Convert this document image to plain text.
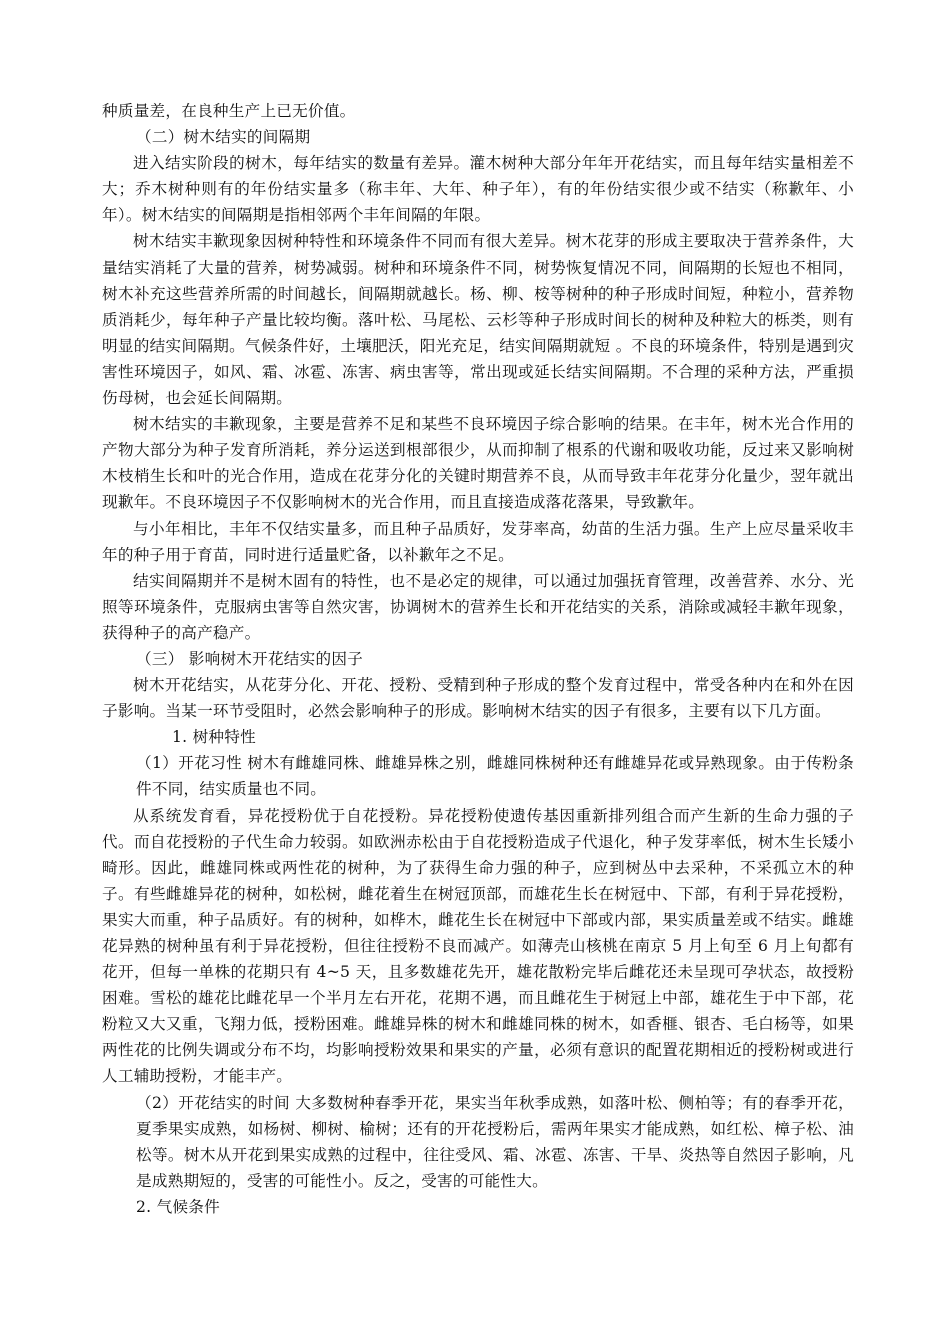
种质量差，在良种生产上已无价值。

（二）树木结实的间隔期

进入结实阶段的树木，每年结实的数量有差异。灌木树种大部分年年开花结实，而且每年结实量相差不大；乔木树种则有的年份结实量多（称丰年、大年、种子年），有的年份结实很少或不结实（称歉年、小年）。树木结实的间隔期是指相邻两个丰年间隔的年限。

树木结实丰歉现象因树种特性和环境条件不同而有很大差异。树木花芽的形成主要取决于营养条件，大量结实消耗了大量的营养，树势减弱。树种和环境条件不同，树势恢复情况不同，间隔期的长短也不相同，树木补充这些营养所需的时间越长，间隔期就越长。杨、柳、桉等树种的种子形成时间短，种粒小，营养物质消耗少，每年种子产量比较均衡。落叶松、马尾松、云杉等种子形成时间长的树种及种粒大的栎类，则有明显的结实间隔期。气候条件好，土壤肥沃，阳光充足，结实间隔期就短 。不良的环境条件，特别是遇到灾害性环境因子，如风、霜、冰雹、冻害、病虫害等，常出现或延长结实间隔期。不合理的采种方法，严重损伤母树，也会延长间隔期。

树木结实的丰歉现象，主要是营养不足和某些不良环境因子综合影响的结果。在丰年，树木光合作用的产物大部分为种子发育所消耗，养分运送到根部很少，从而抑制了根系的代谢和吸收功能，反过来又影响树木枝梢生长和叶的光合作用，造成在花芽分化的关键时期营养不良，从而导致丰年花芽分化量少，翌年就出现歉年。不良环境因子不仅影响树木的光合作用，而且直接造成落花落果，导致歉年。

与小年相比，丰年不仅结实量多，而且种子品质好，发芽率高，幼苗的生活力强。生产上应尽量采收丰年的种子用于育苗，同时进行适量贮备，以补歉年之不足。

结实间隔期并不是树木固有的特性，也不是必定的规律，可以通过加强抚育管理，改善营养、水分、光照等环境条件，克服病虫害等自然灾害，协调树木的营养生长和开花结实的关系，消除或减轻丰歉年现象，获得种子的高产稳产。

（三） 影响树木开花结实的因子

树木开花结实，从花芽分化、开花、授粉、受精到种子形成的整个发育过程中，常受各种内在和外在因子影响。当某一环节受阻时，必然会影响种子的形成。影响树木结实的因子有很多，主要有以下几方面。

1. 树种特性

（1）开花习性 树木有雌雄同株、雌雄异株之别，雌雄同株树种还有雌雄异花或异熟现象。由于传粉条件不同，结实质量也不同。

从系统发育看，异花授粉优于自花授粉。异花授粉使遗传基因重新排列组合而产生新的生命力强的子代。而自花授粉的子代生命力较弱。如欧洲赤松由于自花授粉造成子代退化，种子发芽率低，树木生长矮小畸形。因此，雌雄同株或两性花的树种，为了获得生命力强的种子，应到树丛中去采种，不采孤立木的种子。有些雌雄异花的树种，如松树，雌花着生在树冠顶部，而雄花生长在树冠中、下部，有利于异花授粉，果实大而重，种子品质好。有的树种，如桦木，雌花生长在树冠中下部或内部，果实质量差或不结实。雌雄花异熟的树种虽有利于异花授粉，但往往授粉不良而减产。如薄壳山核桃在南京 5 月上旬至 6 月上旬都有花开，但每一单株的花期只有 4~5 天，且多数雄花先开，雄花散粉完毕后雌花还未呈现可孕状态，故授粉困难。雪松的雄花比雌花早一个半月左右开花，花期不遇，而且雌花生于树冠上中部，雄花生于中下部，花粉粒又大又重，飞翔力低，授粉困难。雌雄异株的树木和雌雄同株的树木，如香榧、银杏、毛白杨等，如果两性花的比例失调或分布不均，均影响授粉效果和果实的产量，必须有意识的配置花期相近的授粉树或进行人工辅助授粉，才能丰产。

（2）开花结实的时间 大多数树种春季开花，果实当年秋季成熟，如落叶松、侧柏等；有的春季开花，夏季果实成熟，如杨树、柳树、榆树；还有的开花授粉后，需两年果实才能成熟，如红松、樟子松、油松等。树木从开花到果实成熟的过程中，往往受风、霜、冰雹、冻害、干旱、炎热等自然因子影响，凡是成熟期短的，受害的可能性小。反之，受害的可能性大。

2. 气候条件
